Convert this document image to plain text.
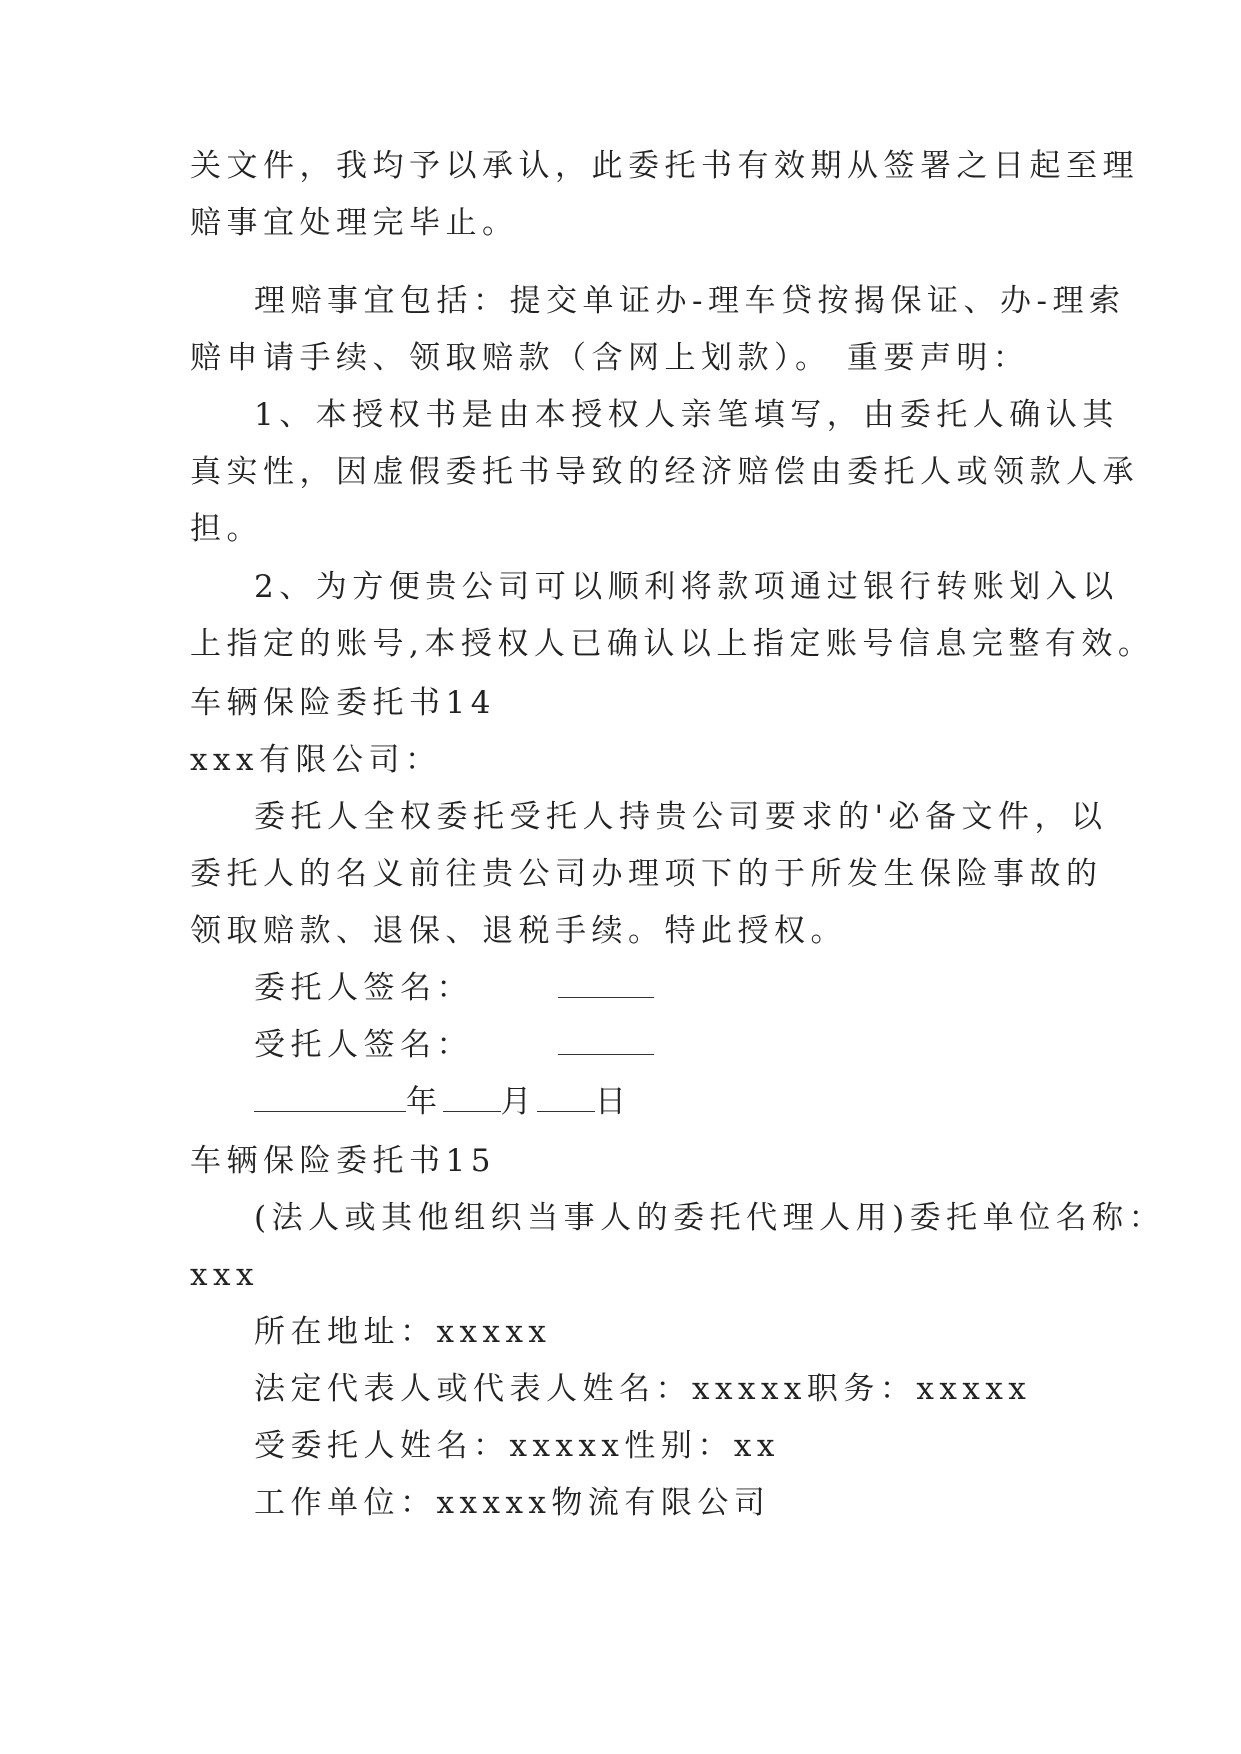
关文件，我均予以承认，此委托书有效期从签署之日起至理
赔事宜处理完毕止。
理赔事宜包括：提交单证办-理车贷按揭保证、办-理索
赔申请手续、领取赔款（含网上划款）。 重要声明：
1、本授权书是由本授权人亲笔填写，由委托人确认其
真实性，因虚假委托书导致的经济赔偿由委托人或领款人承
担。
2、为方便贵公司可以顺利将款项通过银行转账划入以
上指定的账号,本授权人已确认以上指定账号信息完整有效。
车辆保险委托书14
xxx有限公司：
委托人全权委托受托人持贵公司要求的'必备文件，以
委托人的名义前往贵公司办理项下的于所发生保险事故的
领取赔款、退保、退税手续。特此授权。
委托人签名：
受托人签名：
年 月 日
车辆保险委托书15
(法人或其他组织当事人的委托代理人用)委托单位名称：
xxx
所在地址：xxxxx
法定代表人或代表人姓名：xxxxx职务：xxxxx
受委托人姓名：xxxxx性别：xx
工作单位：xxxxx物流有限公司
